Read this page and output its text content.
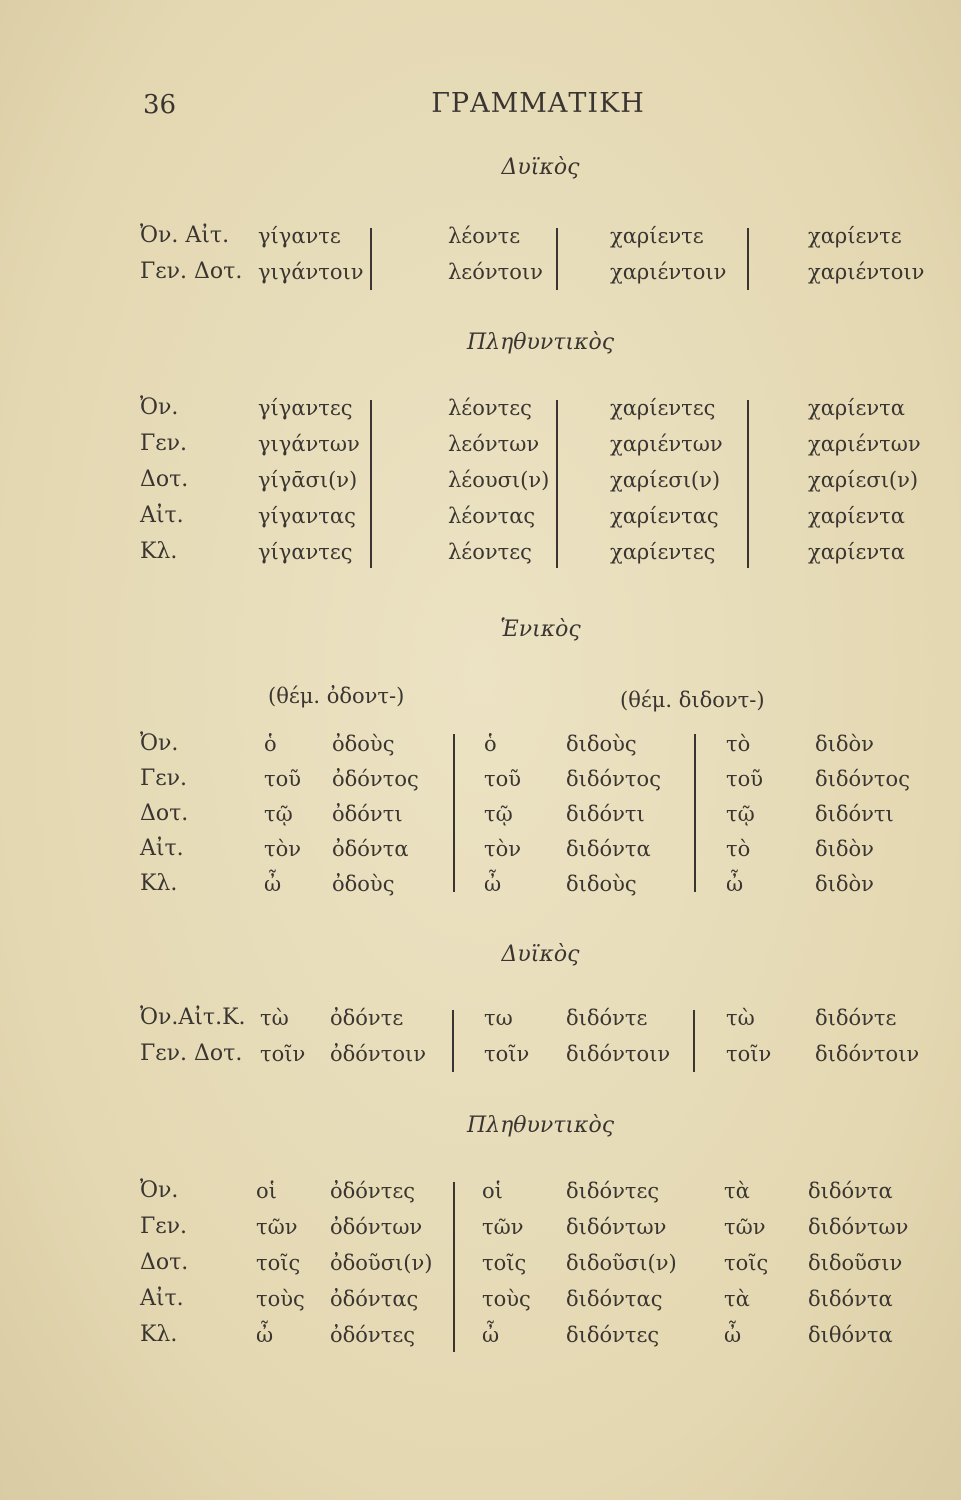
36	ΓΡΑΜΜΑΤΙΚΗ
Δυϊκὸς
Ὀν. Αἰτ.
Γεν. Δοτ.
γίγαντε
γιγάντοιν
λέοντε
λεόντοιν
χαρίεντε
χαριέντοιν
χαρίεντε
χαριέντοιν
Πληθυντικὸς
Ὀν.
Γεν.
Δοτ.
Αἰτ.
Κλ.
γίγαντες
γιγάντων
γίγᾱσι(ν)
γίγαντας
γίγαντες
λέοντες
λεόντων
λέουσι(ν)
λέοντας
λέοντες
χαρίεντες
χαριέντων
χαρίεσι(ν)
χαρίεντας
χαρίεντες
χαρίεντα
χαριέντων
χαρίεσι(ν)
χαρίεντα
χαρίεντα
Ἑνικὸς
(θέμ. ὀδοντ-)	(θέμ. διδοντ-)
Ὀν.
Γεν.
Δοτ.
Αἰτ.
Κλ.
ὁ
τοῦ
τῷ
τὸν
ὦ
ὀδοὺς
ὀδόντος
ὀδόντι
ὀδόντα
ὀδοὺς
ὁ
τοῦ
τῷ
τὸν
ὦ
διδοὺς
διδόντος
διδόντι
διδόντα
διδοὺς
τὸ
τοῦ
τῷ
τὸ
ὦ
διδὸν
διδόντος
διδόντι
διδὸν
διδὸν
Δυϊκὸς
Ὀν.Αἰτ.Κ.
Γεν. Δοτ.
τὼ
τοῖν
ὀδόντε
ὀδόντοιν
τω
τοῖν
διδόντε
διδόντοιν
τὼ
τοῖν
διδόντε
διδόντοιν
Πληθυντικὸς
Ὀν.
Γεν.
Δοτ.
Αἰτ.
Κλ.
οἱ
τῶν
τοῖς
τοὺς
ὦ
ὀδόντες
ὀδόντων
ὀδοῦσι(ν)
ὀδόντας
ὀδόντες
οἱ
τῶν
τοῖς
τοὺς
ὦ
διδόντες
διδόντων
διδοῦσι(ν)
διδόντας
διδόντες
τὰ
τῶν
τοῖς
τὰ
ὦ
διδόντα
διδόντων
διδοῦσιν
διδόντα
διθόντα
